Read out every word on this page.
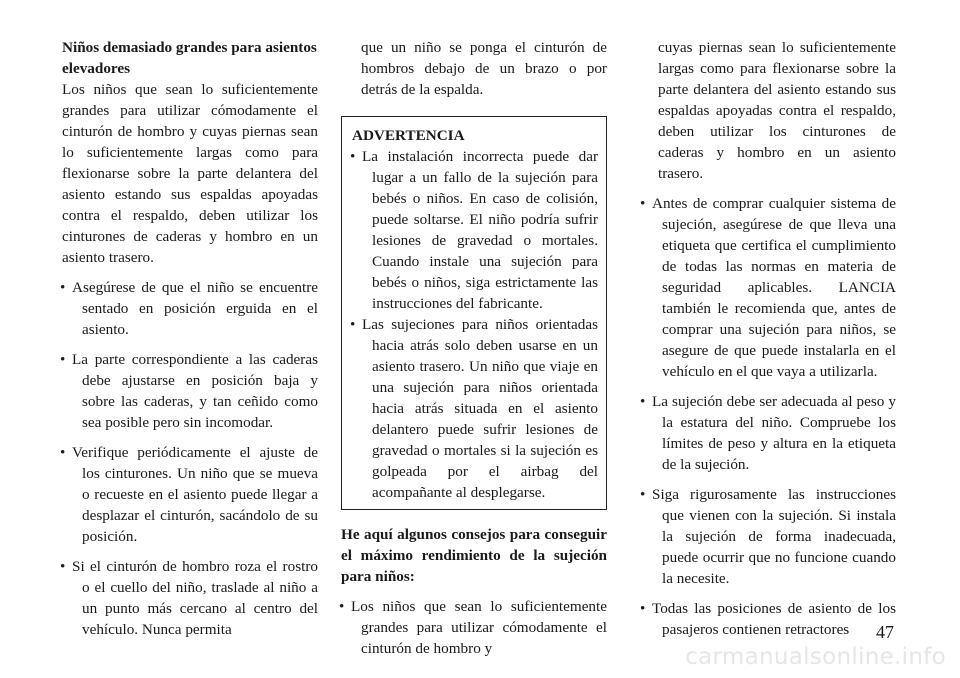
Niños demasiado grandes para asientos elevadores

Los niños que sean lo suficientemente grandes para utilizar cómodamente el cinturón de hombro y cuyas piernas sean lo suficientemente largas como para flexionarse sobre la parte delantera del asiento estando sus espaldas apoyadas contra el respaldo, deben utilizar los cinturones de caderas y hombro en un asiento trasero.

• Asegúrese de que el niño se encuentre sentado en posición erguida en el asiento.
• La parte correspondiente a las caderas debe ajustarse en posición baja y sobre las caderas, y tan ceñido como sea posible pero sin incomodar.
• Verifique periódicamente el ajuste de los cinturones. Un niño que se mueva o recueste en el asiento puede llegar a desplazar el cinturón, sacándolo de su posición.
• Si el cinturón de hombro roza el rostro o el cuello del niño, traslade al niño a un punto más cercano al centro del vehículo. Nunca permita

que un niño se ponga el cinturón de hombros debajo de un brazo o por detrás de la espalda.

ADVERTENCIA
• La instalación incorrecta puede dar lugar a un fallo de la sujeción para bebés o niños. En caso de colisión, puede soltarse. El niño podría sufrir lesiones de gravedad o mortales. Cuando instale una sujeción para bebés o niños, siga estrictamente las instrucciones del fabricante.
• Las sujeciones para niños orientadas hacia atrás solo deben usarse en un asiento trasero. Un niño que viaje en una sujeción para niños orientada hacia atrás situada en el asiento delantero puede sufrir lesiones de gravedad o mortales si la sujeción es golpeada por el airbag del acompañante al desplegarse.

He aquí algunos consejos para conseguir el máximo rendimiento de la sujeción para niños:

• Los niños que sean lo suficientemente grandes para utilizar cómodamente el cinturón de hombro y

cuyas piernas sean lo suficientemente largas como para flexionarse sobre la parte delantera del asiento estando sus espaldas apoyadas contra el respaldo, deben utilizar los cinturones de caderas y hombro en un asiento trasero.

• Antes de comprar cualquier sistema de sujeción, asegúrese de que lleva una etiqueta que certifica el cumplimiento de todas las normas en materia de seguridad aplicables. LANCIA también le recomienda que, antes de comprar una sujeción para niños, se asegure de que puede instalarla en el vehículo en el que vaya a utilizarla.
• La sujeción debe ser adecuada al peso y la estatura del niño. Compruebe los límites de peso y altura en la etiqueta de la sujeción.
• Siga rigurosamente las instrucciones que vienen con la sujeción. Si instala la sujeción de forma inadecuada, puede ocurrir que no funcione cuando la necesite.
• Todas las posiciones de asiento de los pasajeros contienen retractores	47
carmanualsonline.info
